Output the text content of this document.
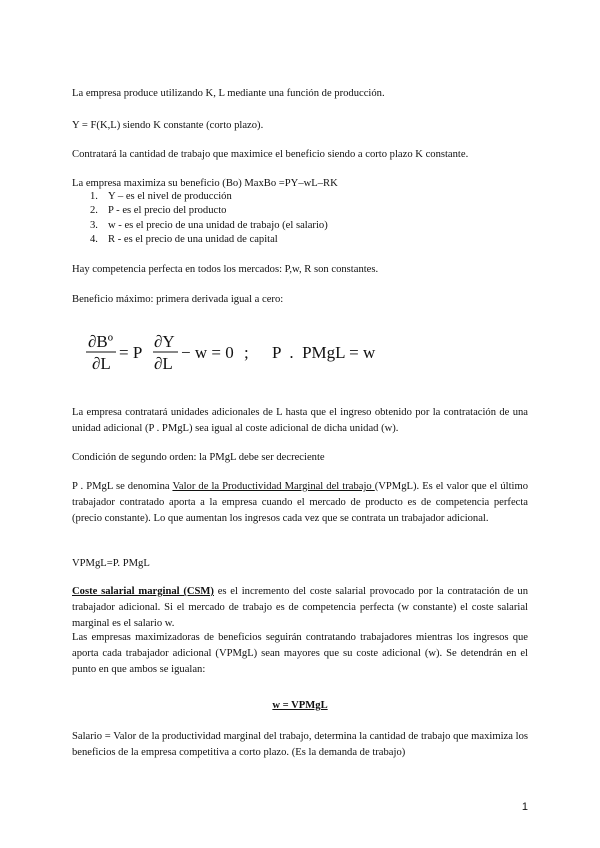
La empresa produce utilizando K, L mediante una función de producción.

Y = F(K,L) siendo K constante (corto plazo).

Contratará la cantidad de trabajo que maximice el beneficio siendo a corto plazo K constante.

La empresa maximiza su beneficio (Bo) MaxBo =PY–wL–RK

1. Y – es el nivel de producción
2. P - es el precio del producto
3. w - es el precio de una unidad de trabajo (el salario)
4. R - es el precio de una unidad de capital

Hay competencia perfecta en todos los mercados: P,w, R son constantes.

Beneficio máximo: primera derivada igual a cero:

∂Bº
∂L
= P
∂Y
∂L
− w = 0 ; P  .  PMgL = w

La empresa contratará unidades adicionales de L hasta que el ingreso obtenido por la contratación de una unidad adicional (P . PMgL) sea igual al coste adicional de dicha unidad (w).

Condición de segundo orden: la PMgL debe ser decreciente

P . PMgL se denomina Valor de la Productividad Marginal del trabajo (VPMgL). Es el valor que el último trabajador contratado aporta a la empresa cuando el mercado de producto es de competencia perfecta (precio constante). Lo que aumentan los ingresos cada vez que se contrata un trabajador adicional.

VPMgL=P. PMgL

Coste salarial marginal (CSM) es el incremento del coste salarial provocado por la contratación de un trabajador adicional. Si el mercado de trabajo es de competencia perfecta (w constante) el coste salarial marginal es el salario w.

Las empresas maximizadoras de beneficios seguirán contratando trabajadores mientras los ingresos que aporta cada trabajador adicional (VPMgL) sean mayores que su coste adicional (w). Se detendrán en el punto en que ambos se igualan:

w = VPMgL

Salario = Valor de la productividad marginal del trabajo, determina la cantidad de trabajo que maximiza los beneficios de la empresa competitiva a corto plazo. (Es la demanda de trabajo)

1
